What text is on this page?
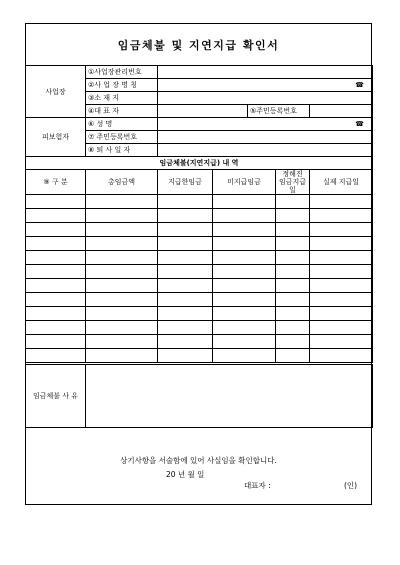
임금체불 및 지연지급 확인서
사업장	①사업장관리번호					
	②사 업 장 명 칭	☎				

	③소 재 지					
	④대 표 자			⑤주민등록번호		
피보험자	⑥ 성 명	☎				

	⑦ 주민등록번호					
	⑧ 퇴 사 일 자					
임금체불(지연지급) 내 역						
⑨ 구 분	총임금액	지급한임금	미지급임금		정해진 임금지급일	실제 지급일

임금체불 사 유	
상기사항을 서술함에 있어 사실임을 확인합니다.
20 년 월 일
대표자 :	(인)
